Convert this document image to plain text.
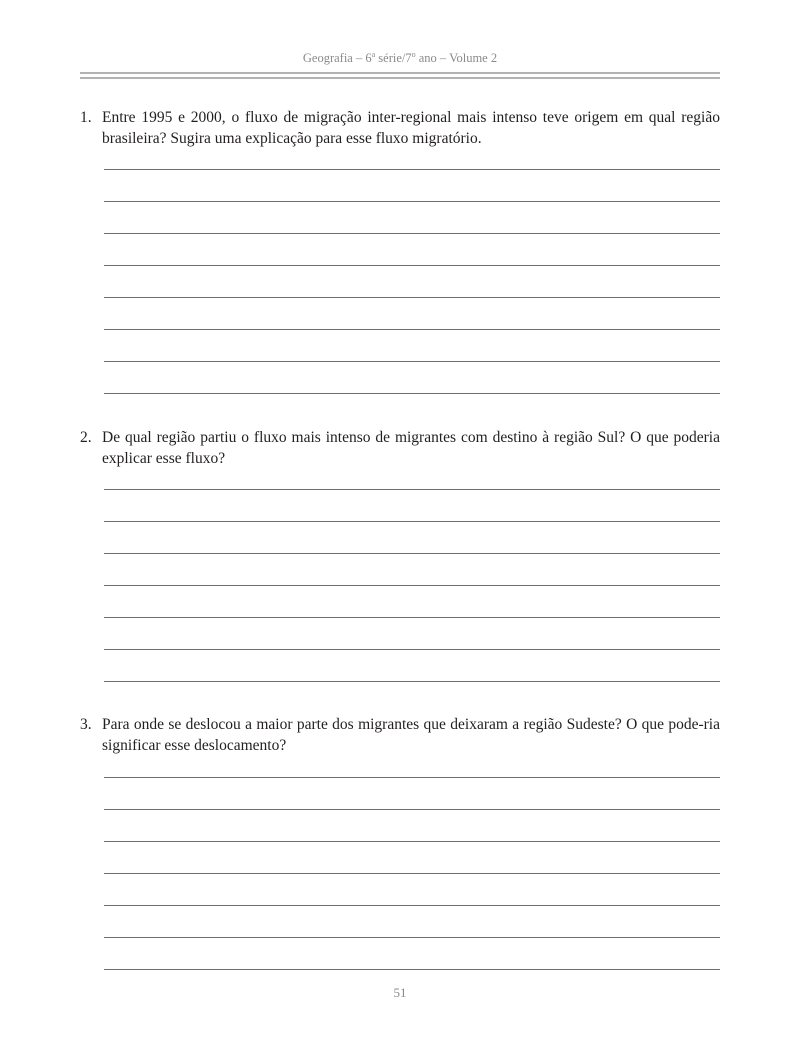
Geografia – 6$^a$ série/7$^o$ ano – Volume 2
1. Entre 1995 e 2000, o fluxo de migração inter-regional mais intenso teve origem em qual região brasileira? Sugira uma explicação para esse fluxo migratório.
2. De qual região partiu o fluxo mais intenso de migrantes com destino à região Sul? O que poderia explicar esse fluxo?
3. Para onde se deslocou a maior parte dos migrantes que deixaram a região Sudeste? O que pode-ria significar esse deslocamento?
51
